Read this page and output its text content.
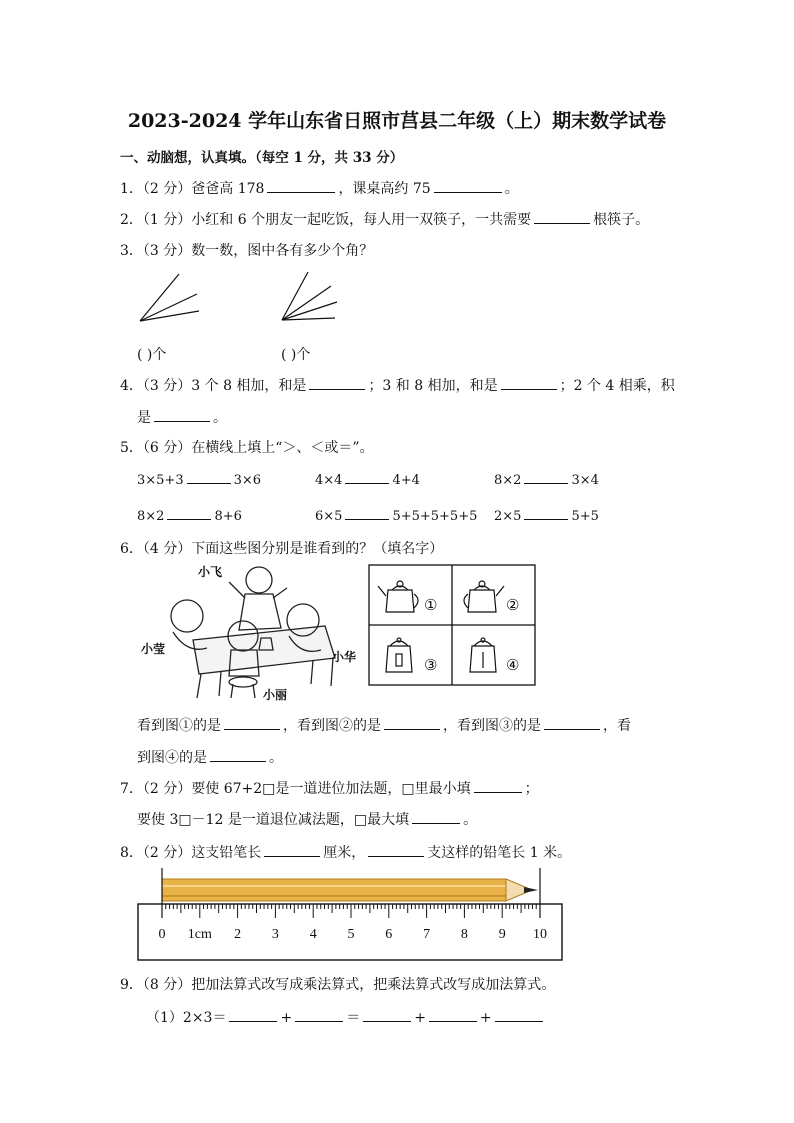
2023-2024 学年山东省日照市莒县二年级（上）期末数学试卷
一、动脑想，认真填。（每空 1 分，共 33 分）
1．（2 分）爸爸高 178	，课桌高约 75	。
2．（1 分）小红和 6 个朋友一起吃饭，每人用一双筷子，一共需要	根筷子。
3．（3 分）数一数，图中各有多少个角？
( )个	( )个
4．（3 分）3 个 8 相加，和是	；3 和 8 相加，和是	；2 个 4 相乘，积
是	。
5．（6 分）在横线上填上“＞、＜或＝”。
3×5+3	3×6	4×4	4+4	8×2	3×4
8×2	8+6	6×5	5+5+5+5+5 2×5	5+5
6．（4 分）下面这些图分别是谁看到的？（填名字）
小飞
小莹
小华
小丽
①	②
③	④
看到图①的是	，看到图②的是	，看到图③的是	，看
到图④的是	。
7．（2 分）要使 67+2□是一道进位加法题，□里最小填	；
要使 3□－12 是一道退位减法题，□最大填	。
8．（2 分）这支铅笔长	厘米，	支这样的铅笔长 1 米。
0 1cm 2 3 4 5 6 7 8 9 10
9．（8 分）把加法算式改写成乘法算式，把乘法算式改写成加法算式。
（1）2×3＝	+	＝	+	+
